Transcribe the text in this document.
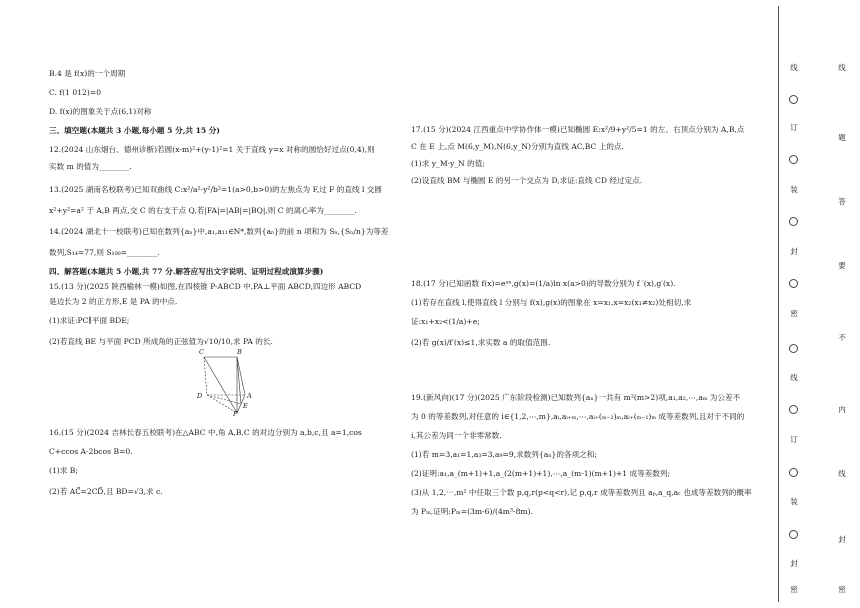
B.4 是 f(x)的一个周期

C. f(1 012)=0

D. f(x)的图象关于点(6,1)对称

三、填空题(本题共 3 小题,每小题 5 分,共 15 分)

12.(2024 山东烟台、德州诊断)若圆(x-m)²+(y-1)²=1 关于直线 y=x 对称的圆恰好过点(0,4),则

实数 m 的值为________.

13.(2025 湖南名校联考)已知双曲线 C:x²/a²-y²/b²=1(a>0,b>0)的左焦点为 F,过 F 的直线 l 交圆

x²+y²=a² 于 A,B 两点,交 C 的右支于点 Q,若|FA|=|AB|=|BQ|,则 C 的离心率为________.

14.(2024 湖北十一校联考)已知在数列{aₙ}中,a₁,a₁₁∈N*,数列{aₙ}的前 n 项和为 Sₙ,{Sₙ/n}为等差

数列,S₁₄=77,则 S₁₀₀=________.

四、解答题(本题共 5 小题,共 77 分.解答应写出文字说明、证明过程或演算步骤)

15.(13 分)(2025 陕西榆林一模)如图,在四棱锥 P-ABCD 中,PA⊥平面 ABCD,四边形 ABCD

是边长为 2 的正方形,E 是 PA 的中点.

(1)求证:PC∥平面 BDE;

(2)若直线 BE 与平面 PCD 所成角的正弦值为√10/10,求 PA 的长.

C	B
D	A
E
P

16.(15 分)(2024 吉林长春五校联考)在△ABC 中,角 A,B,C 的对边分别为 a,b,c,且 a=1,cos

C+ccos A-2bcos B=0.

(1)求 B;

(2)若 AC⃗=2CD⃗,且 BD=√3,求 c.

17.(15 分)(2024 江西重点中学协作体一模)已知椭圆 E:x²/9+y²/5=1 的左、右顶点分别为 A,B,点

C 在 E 上,点 M(6,y_M),N(6,y_N)分别为直线 AC,BC 上的点.

(1)求 y_M·y_N 的值;

(2)设直线 BM 与椭圆 E 的另一个交点为 D,求证:直线 CD 经过定点.

18.(17 分)已知函数 f(x)=eᵃˣ,g(x)=(1/a)ln x(a>0)的导数分别为 f ′(x),g′(x).

(1)若存在直线 l,使得直线 l 分别与 f(x),g(x)的图象在 x=x₁,x=x₂(x₁≠x₂)处相切,求

证:x₁+x₂<(1/a)+e;

(2)若 g(x)/f′(x)≤1,求实数 a 的取值范围.

19.(新风向)(17 分)(2025 广东阶段检测)已知数列{aₙ}一共有 m²(m>2)项,a₁,a₂,⋯,aₘ 为公差不

为 0 的等差数列,对任意的 i∈{1,2,⋯,m},aᵢ,aᵢ₊ₘ,⋯,aᵢ₊(ₘ₋₂)ₘ,aᵢ₊(ₘ₋₁)ₘ 成等差数列,且对于不同的

i,其公差为同一个非零常数.

(1)若 m=3,a₁=1,a₃=3,a₉=9,求数列{aₙ}的各项之和;

(2)证明:a₁,a_(m+1)+1,a_(2(m+1)+1),⋯,a_(m-1)(m+1)+1 成等差数列;

(3)从 1,2,⋯,m² 中任取三个数 p,q,r(p<q<r),记 p,q,r 成等差数列且 aₚ,a_q,aᵣ 也成等差数列的概率

为 Pₘ,证明:Pₘ=(3m-6)/(4m³-8m).

线
题
答
要
不
内
线
封
密
线
订
装
封
密
线
订
装
封
密
